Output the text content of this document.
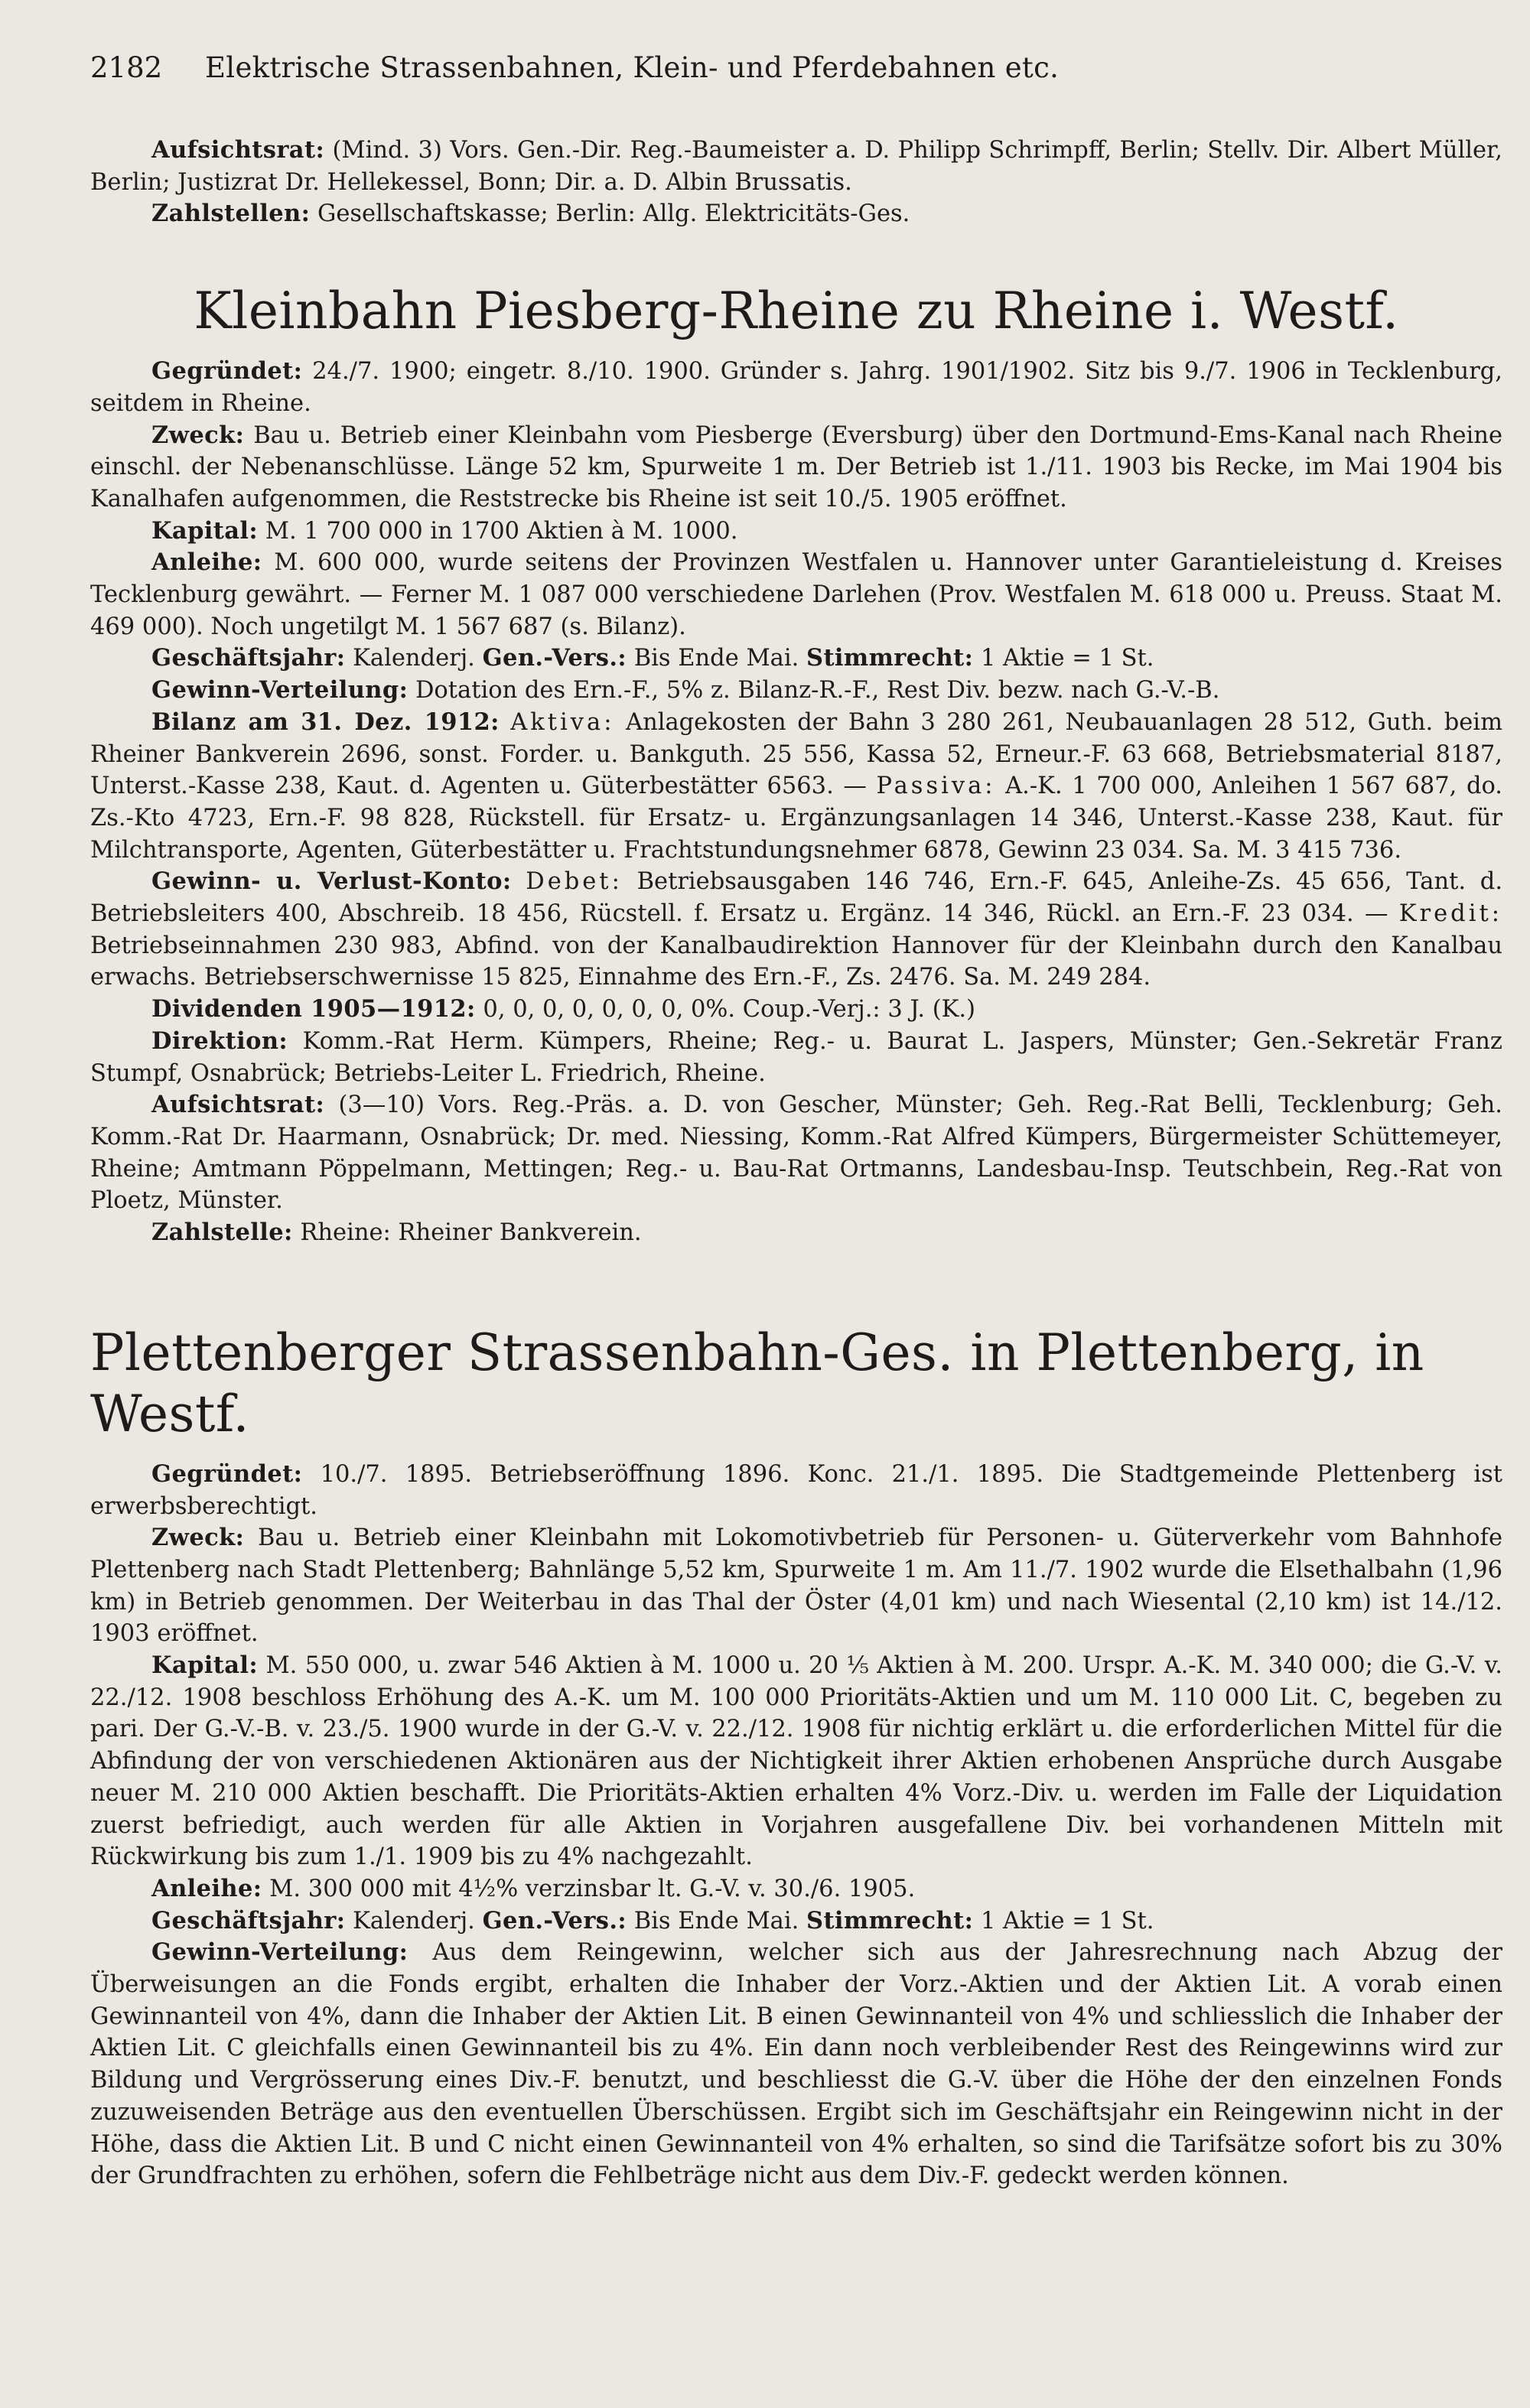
2182	Elektrische Strassenbahnen, Klein- und Pferdebahnen etc.

Aufsichtsrat: (Mind. 3) Vors. Gen.-Dir. Reg.-Baumeister a. D. Philipp Schrimpff, Berlin; Stellv. Dir. Albert Müller, Berlin; Justizrat Dr. Hellekessel, Bonn; Dir. a. D. Albin Brussatis.

Zahlstellen: Gesellschaftskasse; Berlin: Allg. Elektricitäts-Ges.

Kleinbahn Piesberg-Rheine zu Rheine i. Westf.

Gegründet: 24./7. 1900; eingetr. 8./10. 1900. Gründer s. Jahrg. 1901/1902. Sitz bis 9./7. 1906 in Tecklenburg, seitdem in Rheine.

Zweck: Bau u. Betrieb einer Kleinbahn vom Piesberge (Eversburg) über den Dortmund-Ems-Kanal nach Rheine einschl. der Nebenanschlüsse. Länge 52 km, Spurweite 1 m. Der Betrieb ist 1./11. 1903 bis Recke, im Mai 1904 bis Kanalhafen aufgenommen, die Reststrecke bis Rheine ist seit 10./5. 1905 eröffnet.

Kapital: M. 1 700 000 in 1700 Aktien à M. 1000.

Anleihe: M. 600 000, wurde seitens der Provinzen Westfalen u. Hannover unter Garantieleistung d. Kreises Tecklenburg gewährt. — Ferner M. 1 087 000 verschiedene Darlehen (Prov. Westfalen M. 618 000 u. Preuss. Staat M. 469 000). Noch ungetilgt M. 1 567 687 (s. Bilanz).

Geschäftsjahr: Kalenderj. Gen.-Vers.: Bis Ende Mai. Stimmrecht: 1 Aktie = 1 St.

Gewinn-Verteilung: Dotation des Ern.-F., 5% z. Bilanz-R.-F., Rest Div. bezw. nach G.-V.-B.

Bilanz am 31. Dez. 1912: Aktiva: Anlagekosten der Bahn 3 280 261, Neubauanlagen 28 512, Guth. beim Rheiner Bankverein 2696, sonst. Forder. u. Bankguth. 25 556, Kassa 52, Erneur.-F. 63 668, Betriebsmaterial 8187, Unterst.-Kasse 238, Kaut. d. Agenten u. Güterbestätter 6563. — Passiva: A.-K. 1 700 000, Anleihen 1 567 687, do. Zs.-Kto 4723, Ern.-F. 98 828, Rückstell. für Ersatz- u. Ergänzungsanlagen 14 346, Unterst.-Kasse 238, Kaut. für Milchtransporte, Agenten, Güterbestätter u. Frachtstundungsnehmer 6878, Gewinn 23 034. Sa. M. 3 415 736.

Gewinn- u. Verlust-Konto: Debet: Betriebsausgaben 146 746, Ern.-F. 645, Anleihe-Zs. 45 656, Tant. d. Betriebsleiters 400, Abschreib. 18 456, Rücstell. f. Ersatz u. Ergänz. 14 346, Rückl. an Ern.-F. 23 034. — Kredit: Betriebseinnahmen 230 983, Abfind. von der Kanalbaudirektion Hannover für der Kleinbahn durch den Kanalbau erwachs. Betriebserschwernisse 15 825, Einnahme des Ern.-F., Zs. 2476. Sa. M. 249 284.

Dividenden 1905—1912: 0, 0, 0, 0, 0, 0, 0, 0%. Coup.-Verj.: 3 J. (K.)

Direktion: Komm.-Rat Herm. Kümpers, Rheine; Reg.- u. Baurat L. Jaspers, Münster; Gen.-Sekretär Franz Stumpf, Osnabrück; Betriebs-Leiter L. Friedrich, Rheine.

Aufsichtsrat: (3—10) Vors. Reg.-Präs. a. D. von Gescher, Münster; Geh. Reg.-Rat Belli, Tecklenburg; Geh. Komm.-Rat Dr. Haarmann, Osnabrück; Dr. med. Niessing, Komm.-Rat Alfred Kümpers, Bürgermeister Schüttemeyer, Rheine; Amtmann Pöppelmann, Mettingen; Reg.- u. Bau-Rat Ortmanns, Landesbau-Insp. Teutschbein, Reg.-Rat von Ploetz, Münster.

Zahlstelle: Rheine: Rheiner Bankverein.

Plettenberger Strassenbahn-Ges. in Plettenberg, in Westf.

Gegründet: 10./7. 1895. Betriebseröffnung 1896. Konc. 21./1. 1895. Die Stadtgemeinde Plettenberg ist erwerbsberechtigt.

Zweck: Bau u. Betrieb einer Kleinbahn mit Lokomotivbetrieb für Personen- u. Güterverkehr vom Bahnhofe Plettenberg nach Stadt Plettenberg; Bahnlänge 5,52 km, Spurweite 1 m. Am 11./7. 1902 wurde die Elsethalbahn (1,96 km) in Betrieb genommen. Der Weiterbau in das Thal der Öster (4,01 km) und nach Wiesental (2,10 km) ist 14./12. 1903 eröffnet.

Kapital: M. 550 000, u. zwar 546 Aktien à M. 1000 u. 20 ⅕ Aktien à M. 200. Urspr. A.-K. M. 340 000; die G.-V. v. 22./12. 1908 beschloss Erhöhung des A.-K. um M. 100 000 Prioritäts-Aktien und um M. 110 000 Lit. C, begeben zu pari. Der G.-V.-B. v. 23./5. 1900 wurde in der G.-V. v. 22./12. 1908 für nichtig erklärt u. die erforderlichen Mittel für die Abfindung der von verschiedenen Aktionären aus der Nichtigkeit ihrer Aktien erhobenen Ansprüche durch Ausgabe neuer M. 210 000 Aktien beschafft. Die Prioritäts-Aktien erhalten 4% Vorz.-Div. u. werden im Falle der Liquidation zuerst befriedigt, auch werden für alle Aktien in Vorjahren ausgefallene Div. bei vorhandenen Mitteln mit Rückwirkung bis zum 1./1. 1909 bis zu 4% nachgezahlt.

Anleihe: M. 300 000 mit 4½% verzinsbar lt. G.-V. v. 30./6. 1905.

Geschäftsjahr: Kalenderj. Gen.-Vers.: Bis Ende Mai. Stimmrecht: 1 Aktie = 1 St.

Gewinn-Verteilung: Aus dem Reingewinn, welcher sich aus der Jahresrechnung nach Abzug der Überweisungen an die Fonds ergibt, erhalten die Inhaber der Vorz.-Aktien und der Aktien Lit. A vorab einen Gewinnanteil von 4%, dann die Inhaber der Aktien Lit. B einen Gewinnanteil von 4% und schliesslich die Inhaber der Aktien Lit. C gleichfalls einen Gewinnanteil bis zu 4%. Ein dann noch verbleibender Rest des Reingewinns wird zur Bildung und Vergrösserung eines Div.-F. benutzt, und beschliesst die G.-V. über die Höhe der den einzelnen Fonds zuzuweisenden Beträge aus den eventuellen Überschüssen. Ergibt sich im Geschäftsjahr ein Reingewinn nicht in der Höhe, dass die Aktien Lit. B und C nicht einen Gewinnanteil von 4% erhalten, so sind die Tarifsätze sofort bis zu 30% der Grundfrachten zu erhöhen, sofern die Fehlbeträge nicht aus dem Div.-F. gedeckt werden können.
